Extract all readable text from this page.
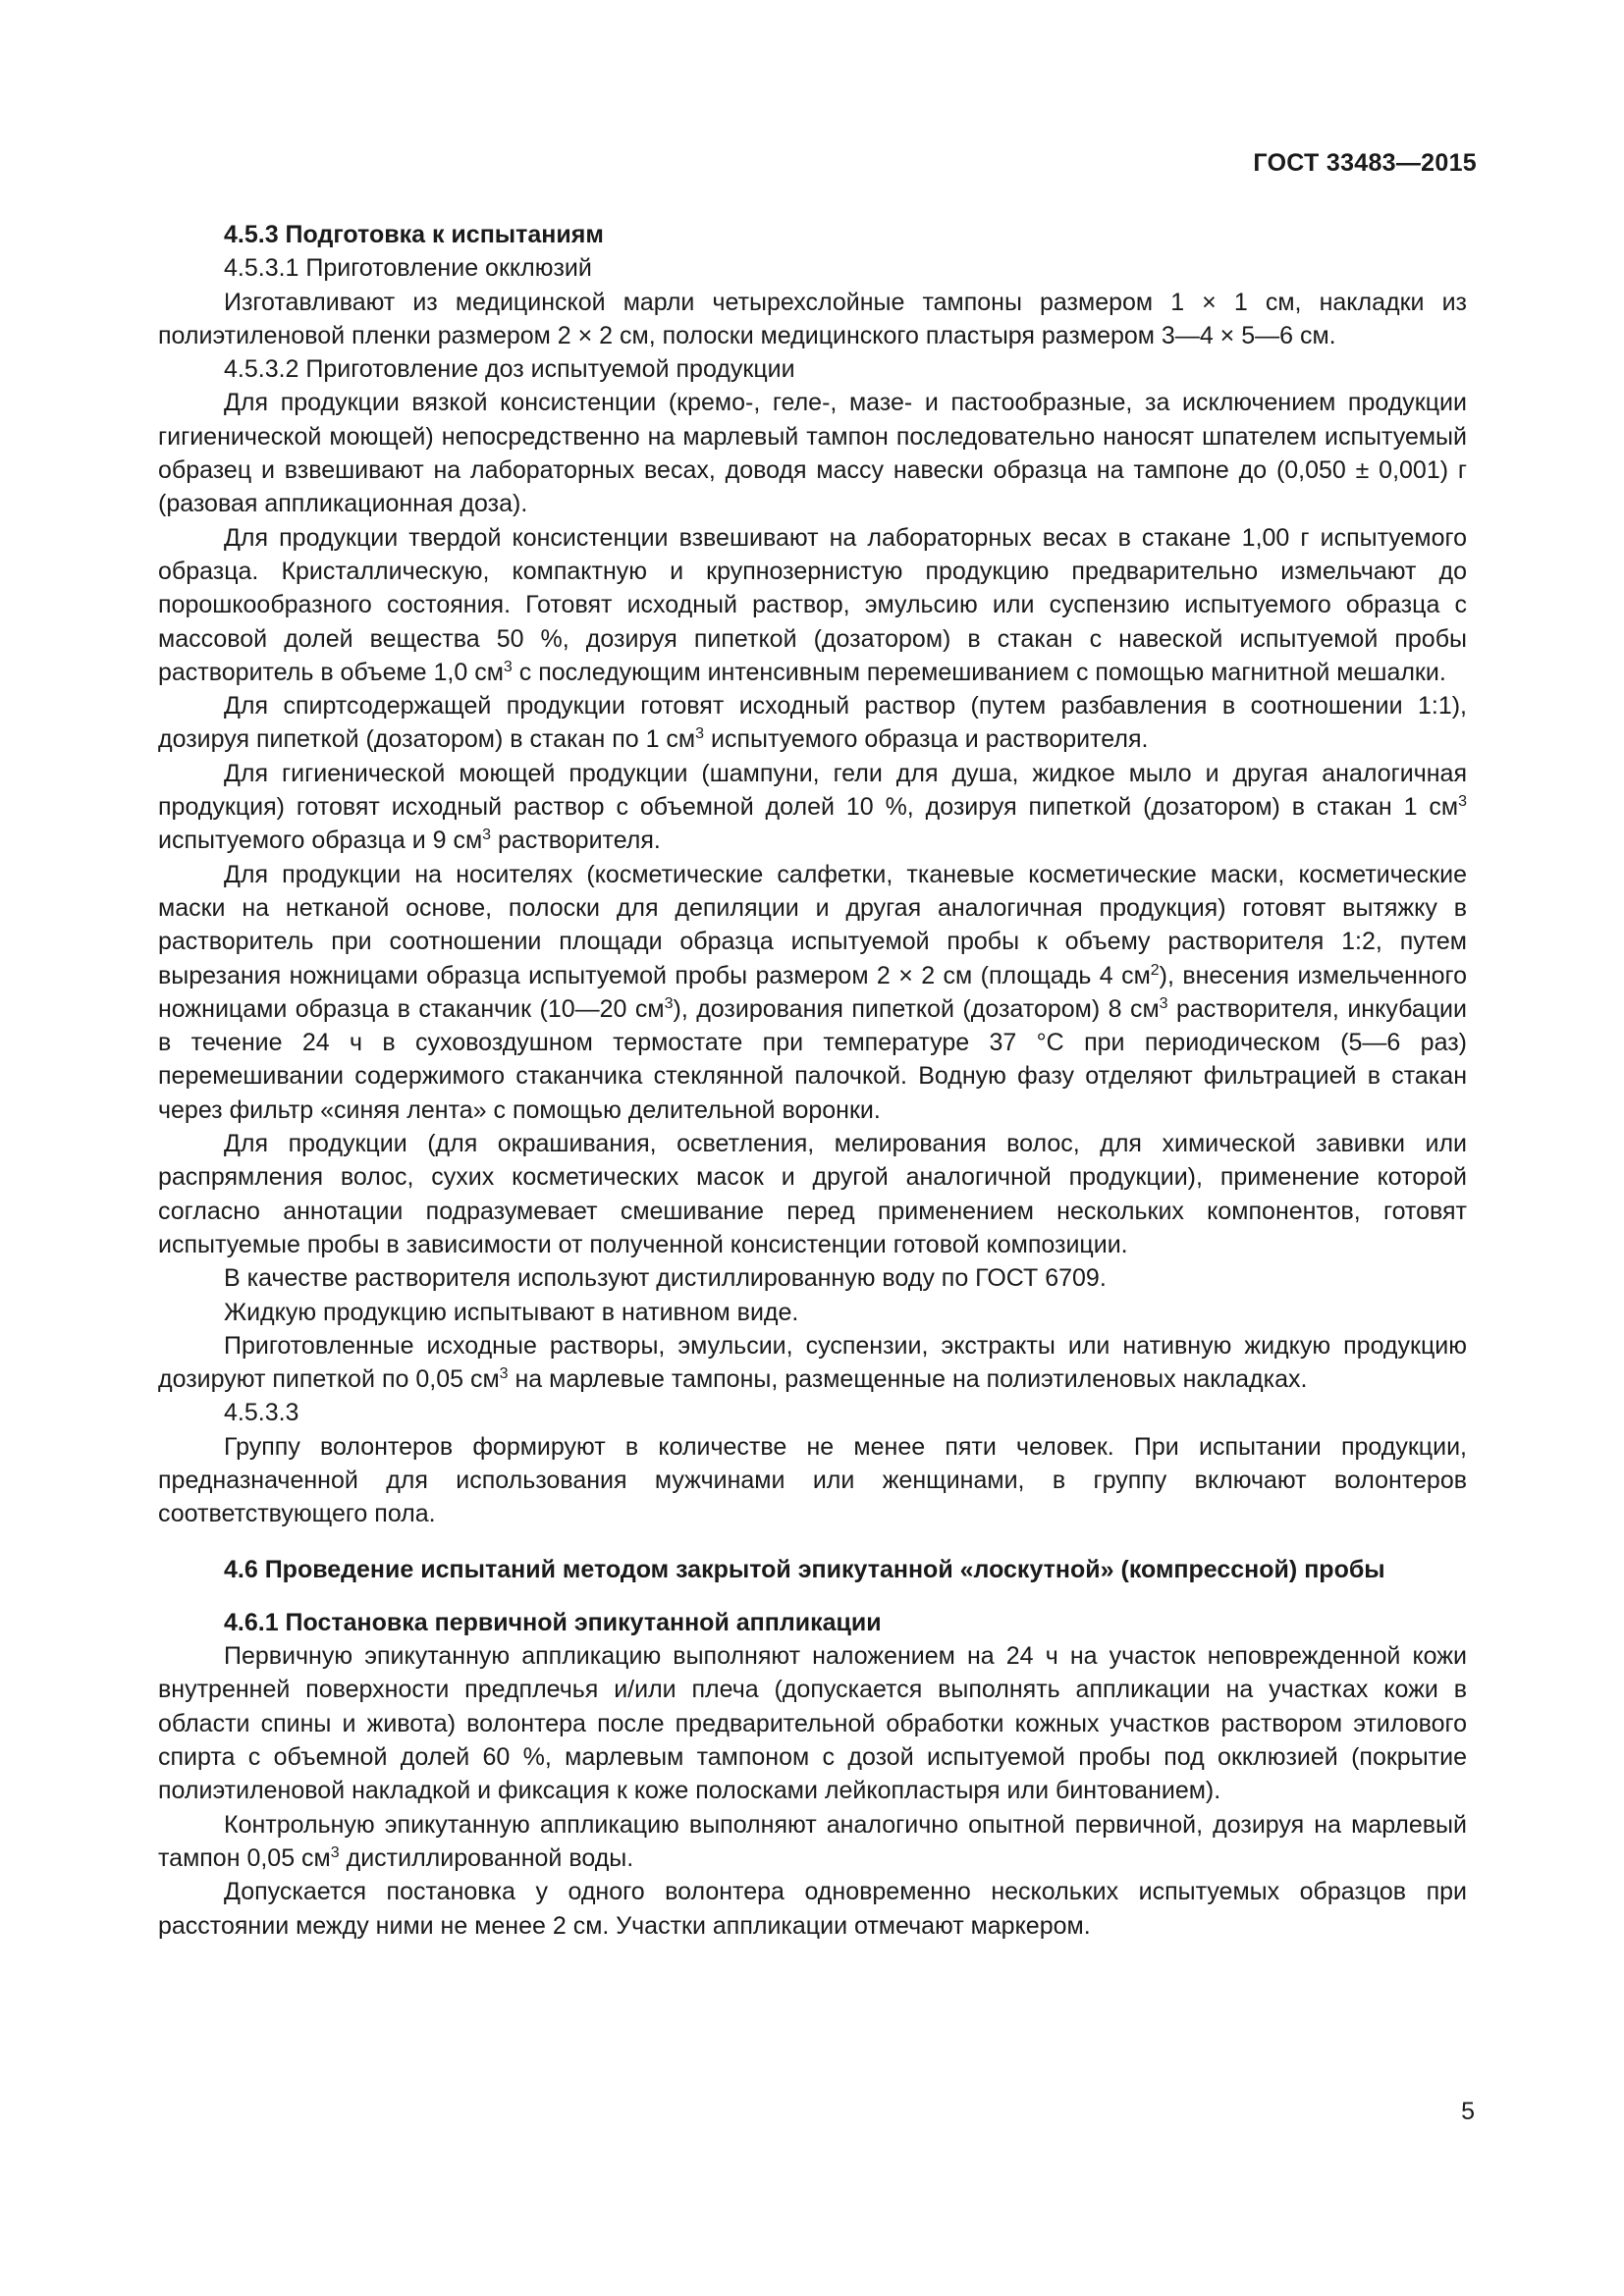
ГОСТ 33483—2015

4.5.3 Подготовка к испытаниям

4.5.3.1 Приготовление окклюзий

Изготавливают из медицинской марли четырехслойные тампоны размером 1 × 1 см, накладки из полиэтиленовой пленки размером 2 × 2 см, полоски медицинского пластыря размером 3—4 × 5—6 см.

4.5.3.2 Приготовление доз испытуемой продукции

Для продукции вязкой консистенции (кремо-, геле-, мазе- и пастообразные, за исключением продукции гигиенической моющей) непосредственно на марлевый тампон последовательно наносят шпателем испытуемый образец и взвешивают на лабораторных весах, доводя массу навески образца на тампоне до (0,050 ± 0,001) г (разовая аппликационная доза).

Для продукции твердой консистенции взвешивают на лабораторных весах в стакане 1,00 г испытуемого образца. Кристаллическую, компактную и крупнозернистую продукцию предварительно измельчают до порошкообразного состояния. Готовят исходный раствор, эмульсию или суспензию испытуемого образца с массовой долей вещества 50 %, дозируя пипеткой (дозатором) в стакан с навеской испытуемой пробы растворитель в объеме 1,0 $см^3$ с последующим интенсивным перемешиванием с помощью магнитной мешалки.

Для спиртсодержащей продукции готовят исходный раствор (путем разбавления в соотношении 1:1), дозируя пипеткой (дозатором) в стакан по 1 $см^3$ испытуемого образца и растворителя.

Для гигиенической моющей продукции (шампуни, гели для душа, жидкое мыло и другая аналогичная продукция) готовят исходный раствор с объемной долей 10 %, дозируя пипеткой (дозатором) в стакан 1 $см^3$ испытуемого образца и 9 $см^3$ растворителя.

Для продукции на носителях (косметические салфетки, тканевые косметические маски, косметические маски на нетканой основе, полоски для депиляции и другая аналогичная продукция) готовят вытяжку в растворитель при соотношении площади образца испытуемой пробы к объему растворителя 1:2, путем вырезания ножницами образца испытуемой пробы размером 2 × 2 см (площадь 4 $см^2$), внесения измельченного ножницами образца в стаканчик (10—20 $см^3$), дозирования пипеткой (дозатором) 8 $см^3$ растворителя, инкубации в течение 24 ч в суховоздушном термостате при температуре 37 °С при периодическом (5—6 раз) перемешивании содержимого стаканчика стеклянной палочкой. Водную фазу отделяют фильтрацией в стакан через фильтр «синяя лента» с помощью делительной воронки.

Для продукции (для окрашивания, осветления, мелирования волос, для химической завивки или распрямления волос, сухих косметических масок и другой аналогичной продукции), применение которой согласно аннотации подразумевает смешивание перед применением нескольких компонентов, готовят испытуемые пробы в зависимости от полученной консистенции готовой композиции.

В качестве растворителя используют дистиллированную воду по ГОСТ 6709.

Жидкую продукцию испытывают в нативном виде.

Приготовленные исходные растворы, эмульсии, суспензии, экстракты или нативную жидкую продукцию дозируют пипеткой по 0,05 $см^3$ на марлевые тампоны, размещенные на полиэтиленовых накладках.

4.5.3.3

Группу волонтеров формируют в количестве не менее пяти человек. При испытании продукции, предназначенной для использования мужчинами или женщинами, в группу включают волонтеров соответствующего пола.

4.6 Проведение испытаний методом закрытой эпикутанной «лоскутной» (компрессной) пробы

4.6.1 Постановка первичной эпикутанной аппликации

Первичную эпикутанную аппликацию выполняют наложением на 24 ч на участок неповрежденной кожи внутренней поверхности предплечья и/или плеча (допускается выполнять аппликации на участках кожи в области спины и живота) волонтера после предварительной обработки кожных участков раствором этилового спирта с объемной долей 60 %, марлевым тампоном с дозой испытуемой пробы под окклюзией (покрытие полиэтиленовой накладкой и фиксация к коже полосками лейкопластыря или бинтованием).

Контрольную эпикутанную аппликацию выполняют аналогично опытной первичной, дозируя на марлевый тампон 0,05 $см^3$ дистиллированной воды.

Допускается постановка у одного волонтера одновременно нескольких испытуемых образцов при расстоянии между ними не менее 2 см. Участки аппликации отмечают маркером.

5
